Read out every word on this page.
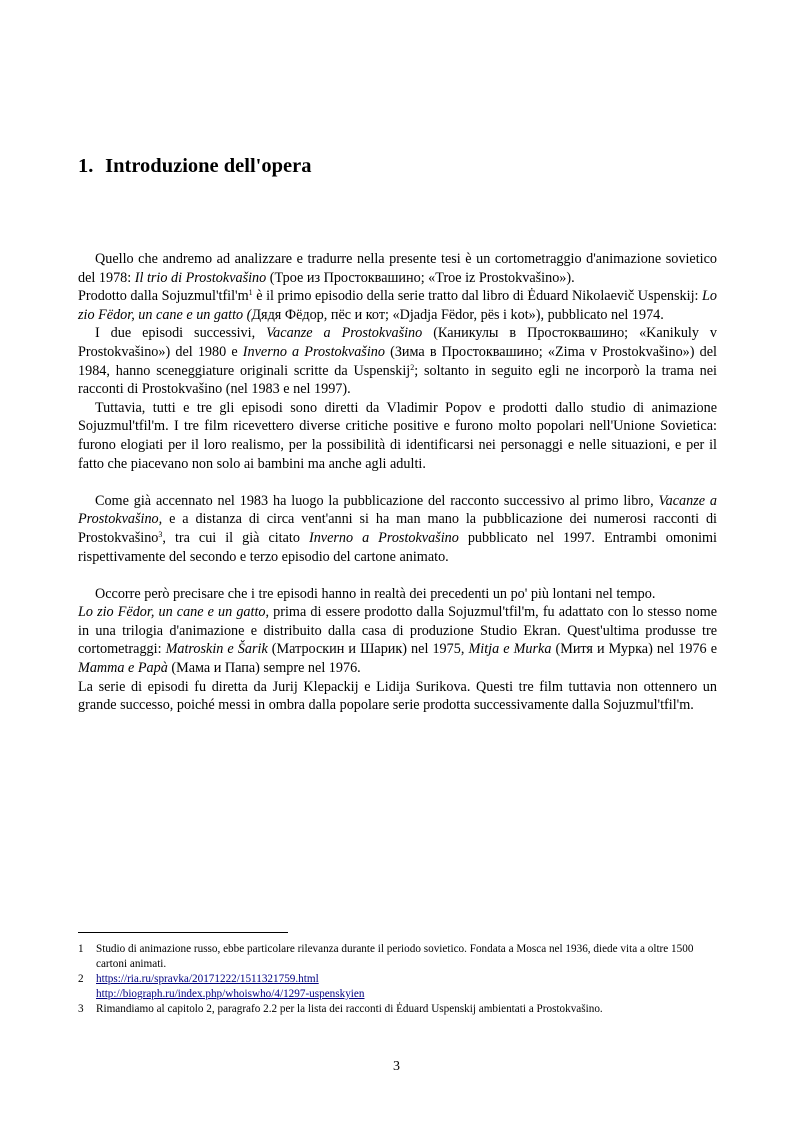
1. Introduzione dell'opera

Quello che andremo ad analizzare e tradurre nella presente tesi è un cortometraggio d'animazione sovietico del 1978: Il trio di Prostokvašino (Трое из Простоквашино; «Troe iz Prostokvašino»).

Prodotto dalla $Sojuzmul'tfil'm^1$ è il primo episodio della serie tratto dal libro di Ėduard Nikolaevič Uspenskij: Lo zio Fëdor, un cane e un gatto (Дядя Фёдор, пёс и кот; «Djadja Fëdor, pës i kot»), pubblicato nel 1974.

I due episodi successivi, Vacanze a Prostokvašino (Каникулы в Простоквашино; «Kanikuly v Prostokvašino») del 1980 e Inverno a Prostokvašino (Зима в Простоквашино; «Zima v Prostokvašino») del 1984, hanno sceneggiature originali scritte da Uspenskij$^2$; soltanto in seguito egli ne incorporò la trama nei racconti di Prostokvašino (nel 1983 e nel 1997).

Tuttavia, tutti e tre gli episodi sono diretti da Vladimir Popov e prodotti dallo studio di animazione Sojuzmul'tfil'm. I tre film ricevettero diverse critiche positive e furono molto popolari nell'Unione Sovietica: furono elogiati per il loro realismo, per la possibilità di identificarsi nei personaggi e nelle situazioni, e per il fatto che piacevano non solo ai bambini ma anche agli adulti.

Come già accennato nel 1983 ha luogo la pubblicazione del racconto successivo al primo libro, Vacanze a Prostokvašino, e a distanza di circa vent'anni si ha man mano la pubblicazione dei numerosi racconti di Prostokvašino$^3$, tra cui il già citato Inverno a Prostokvašino pubblicato nel 1997. Entrambi omonimi rispettivamente del secondo e terzo episodio del cartone animato.

Occorre però precisare che i tre episodi hanno in realtà dei precedenti un po' più lontani nel tempo.

Lo zio Fëdor, un cane e un gatto, prima di essere prodotto dalla Sojuzmul'tfil'm, fu adattato con lo stesso nome in una trilogia d'animazione e distribuito dalla casa di produzione Studio Ekran. Quest'ultima produsse tre cortometraggi: Matroskin e Šarik (Матроскин и Шарик) nel 1975, Mitja e Murka (Митя и Мурка) nel 1976 e Mamma e Papà (Мама и Папа) sempre nel 1976.

La serie di episodi fu diretta da Jurij Klepackij e Lidija Surikova. Questi tre film tuttavia non ottennero un grande successo, poiché messi in ombra dalla popolare serie prodotta successivamente dalla Sojuzmul'tfil'm.

1	Studio di animazione russo, ebbe particolare rilevanza durante il periodo sovietico. Fondata a Mosca nel 1936, diede vita a oltre 1500 cartoni animati.
2	https://ria.ru/spravka/20171222/1511321759.html
http://biograph.ru/index.php/whoiswho/4/1297-uspenskyien
3	Rimandiamo al capitolo 2, paragrafo 2.2 per la lista dei racconti di Ėduard Uspenskij ambientati a Prostokvašino.
3
